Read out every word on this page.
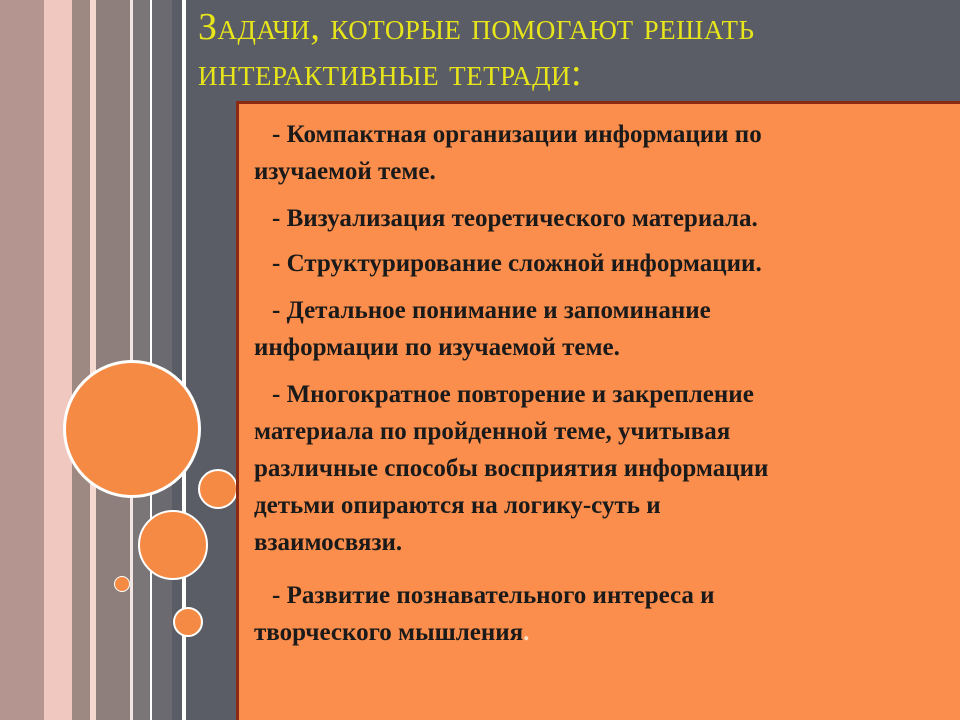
Задачи, которые помогают решать
интерактивные тетради:
- Компактная организации информации по
изучаемой теме.
- Визуализация теоретического материала.
- Структурирование сложной информации.
- Детальное понимание и запоминание
информации по изучаемой теме.
- Многократное повторение и закрепление
материала по пройденной теме, учитывая
различные способы восприятия информации
детьми опираются на логику-суть и
взаимосвязи.
- Развитие познавательного интереса и
творческого мышления.
